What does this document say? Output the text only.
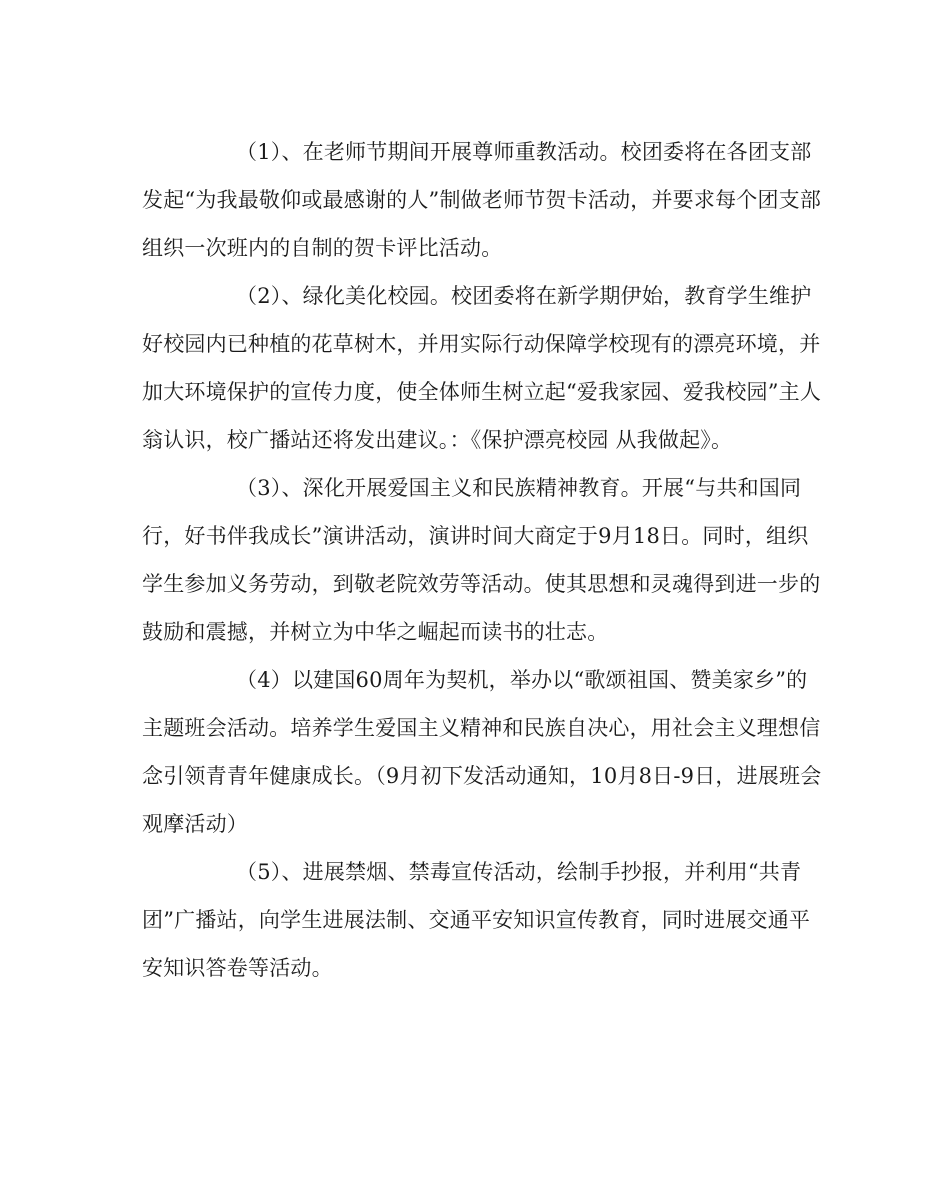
（1）、在老师节期间开展尊师重教活动。校团委将在各团支部发起“为我最敬仰或最感谢的人”制做老师节贺卡活动，并要求每个团支部组织一次班内的自制的贺卡评比活动。

（2）、绿化美化校园。校团委将在新学期伊始，教育学生维护好校园内已种植的花草树木，并用实际行动保障学校现有的漂亮环境，并加大环境保护的宣传力度，使全体师生树立起“爱我家园、爱我校园”主人翁认识，校广播站还将发出建议。：《保护漂亮校园 从我做起》。

（3）、深化开展爱国主义和民族精神教育。开展“与共和国同行，好书伴我成长”演讲活动，演讲时间大商定于9月18日。同时，组织学生参加义务劳动，到敬老院效劳等活动。使其思想和灵魂得到进一步的鼓励和震撼，并树立为中华之崛起而读书的壮志。

（4）以建国60周年为契机，举办以“歌颂祖国、赞美家乡”的主题班会活动。培养学生爱国主义精神和民族自决心，用社会主义理想信念引领青青年健康成长。（9月初下发活动通知，10月8日-9日，进展班会观摩活动）

（5）、进展禁烟、禁毒宣传活动，绘制手抄报，并利用“共青团”广播站，向学生进展法制、交通平安知识宣传教育，同时进展交通平安知识答卷等活动。
